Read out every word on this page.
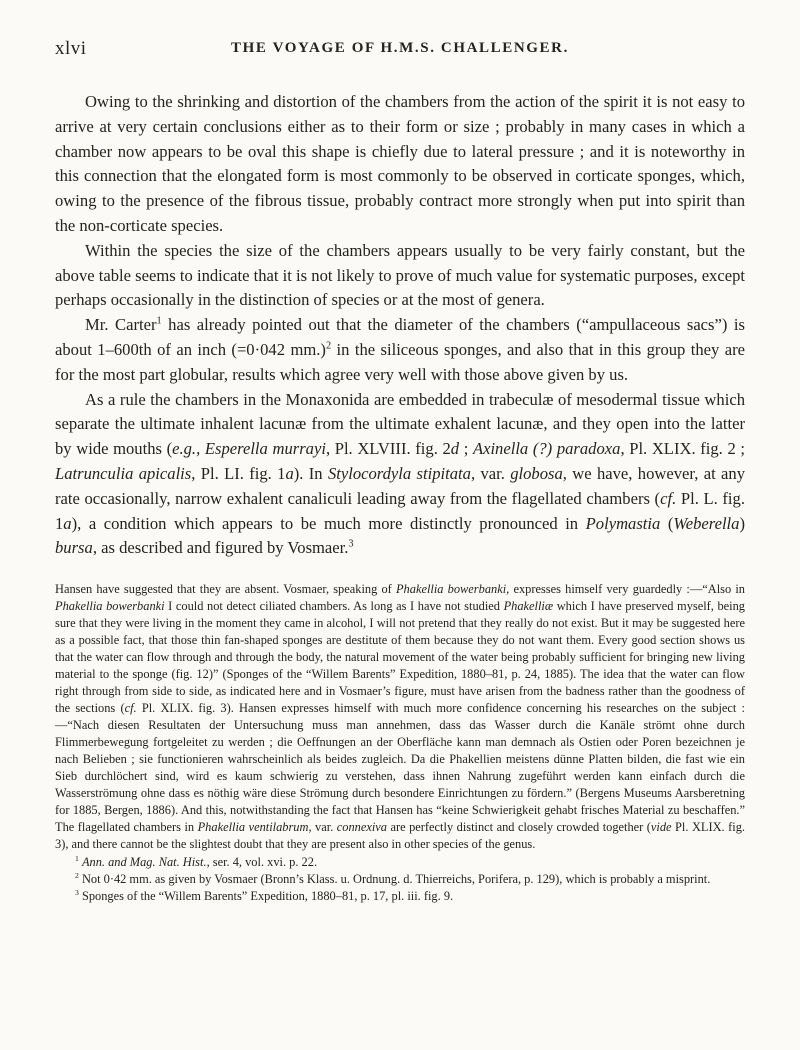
xlvi	THE VOYAGE OF H.M.S. CHALLENGER.

Owing to the shrinking and distortion of the chambers from the action of the spirit it is not easy to arrive at very certain conclusions either as to their form or size ; probably in many cases in which a chamber now appears to be oval this shape is chiefly due to lateral pressure ; and it is noteworthy in this connection that the elongated form is most commonly to be observed in corticate sponges, which, owing to the presence of the fibrous tissue, probably contract more strongly when put into spirit than the non-corticate species.

Within the species the size of the chambers appears usually to be very fairly constant, but the above table seems to indicate that it is not likely to prove of much value for systematic purposes, except perhaps occasionally in the distinction of species or at the most of genera.

Mr. Carter$^1$ has already pointed out that the diameter of the chambers (“ampullaceous sacs”) is about 1–600th of an inch (=0·042 mm.)$^2$ in the siliceous sponges, and also that in this group they are for the most part globular, results which agree very well with those above given by us.

As a rule the chambers in the Monaxonida are embedded in trabeculæ of mesodermal tissue which separate the ultimate inhalent lacunæ from the ultimate exhalent lacunæ, and they open into the latter by wide mouths (e.g., Esperella murrayi, Pl. XLVIII. fig. 2d ; Axinella (?) paradoxa, Pl. XLIX. fig. 2 ; Latrunculia apicalis, Pl. LI. fig. 1a). In Stylocordyla stipitata, var. globosa, we have, however, at any rate occasionally, narrow exhalent canaliculi leading away from the flagellated chambers (cf. Pl. L. fig. 1a), a condition which appears to be much more distinctly pronounced in Polymastia (Weberella) bursa, as described and figured by Vosmaer.$^3$

Hansen have suggested that they are absent. Vosmaer, speaking of Phakellia bowerbanki, expresses himself very guardedly :—“Also in Phakellia bowerbanki I could not detect ciliated chambers. As long as I have not studied Phakelliæ which I have preserved myself, being sure that they were living in the moment they came in alcohol, I will not pretend that they really do not exist. But it may be suggested here as a possible fact, that those thin fan-shaped sponges are destitute of them because they do not want them. Every good section shows us that the water can flow through and through the body, the natural movement of the water being probably sufficient for bringing new living material to the sponge (fig. 12)” (Sponges of the “Willem Barents” Expedition, 1880–81, p. 24, 1885). The idea that the water can flow right through from side to side, as indicated here and in Vosmaer’s figure, must have arisen from the badness rather than the goodness of the sections (cf. Pl. XLIX. fig. 3). Hansen expresses himself with much more confidence concerning his researches on the subject :—“Nach diesen Resultaten der Untersuchung muss man annehmen, dass das Wasser durch die Kanäle strömt ohne durch Flimmerbewegung fortgeleitet zu werden ; die Oeffnungen an der Oberfläche kann man demnach als Ostien oder Poren bezeichnen je nach Belieben ; sie functionieren wahrscheinlich als beides zugleich. Da die Phakellien meistens dünne Platten bilden, die fast wie ein Sieb durchlöchert sind, wird es kaum schwierig zu verstehen, dass ihnen Nahrung zugeführt werden kann einfach durch die Wasserströmung ohne dass es nöthig wäre diese Strömung durch besondere Einrichtungen zu fördern.” (Bergens Museums Aarsberetning for 1885, Bergen, 1886). And this, notwithstanding the fact that Hansen has “keine Schwierigkeit gehabt frisches Material zu beschaffen.” The flagellated chambers in Phakellia ventilabrum, var. connexiva are perfectly distinct and closely crowded together (vide Pl. XLIX. fig. 3), and there cannot be the slightest doubt that they are present also in other species of the genus.

$^1$ Ann. and Mag. Nat. Hist., ser. 4, vol. xvi. p. 22.

$^2$ Not 0·42 mm. as given by Vosmaer (Bronn’s Klass. u. Ordnung. d. Thierreichs, Porifera, p. 129), which is probably a misprint.

$^3$ Sponges of the “Willem Barents” Expedition, 1880–81, p. 17, pl. iii. fig. 9.
